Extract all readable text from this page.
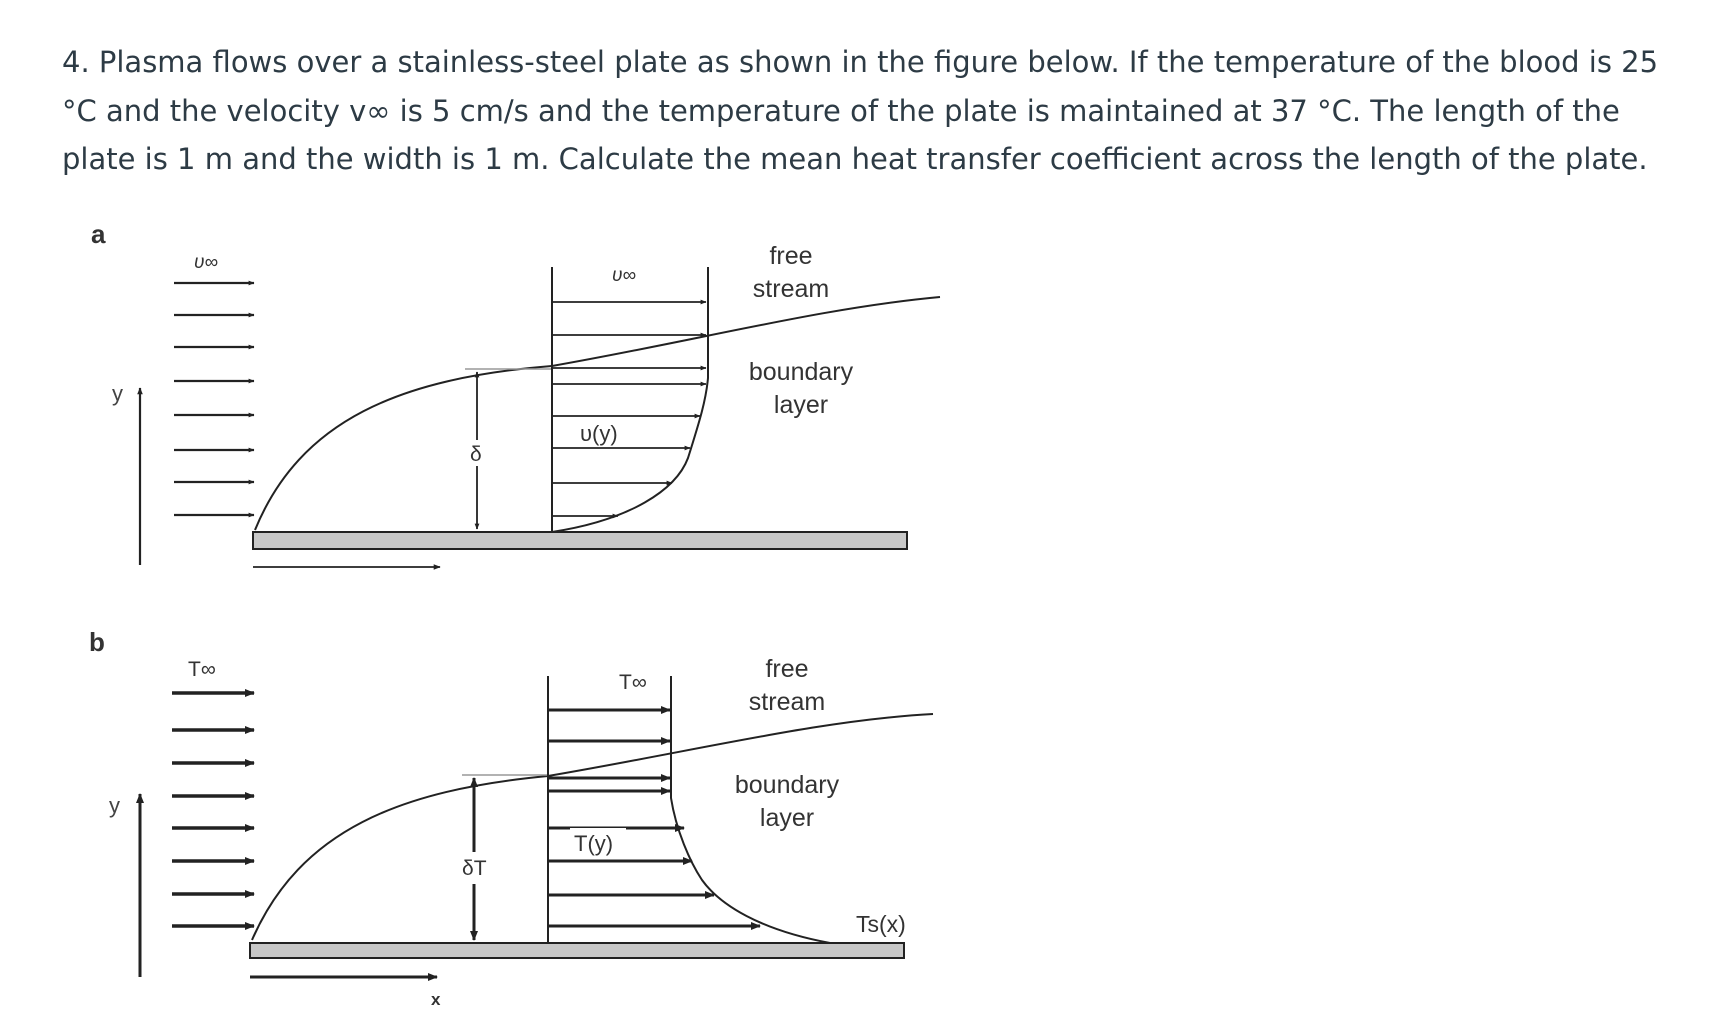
4. Plasma flows over a stainless-steel plate as shown in the figure below. If the temperature of the blood is 25 °C and the velocity v∞ is 5 cm/s and the temperature of the plate is maintained at 37 °C. The length of the plate is 1 m and the width is 1 m. Calculate the mean heat transfer coefficient across the length of the plate.

a
υ∞
y
δ
υ∞
υ(y)
free
stream
boundary
layer
b
T∞
y
x
δT
T∞
T(y)
free
stream
boundary
layer
Ts(x)
